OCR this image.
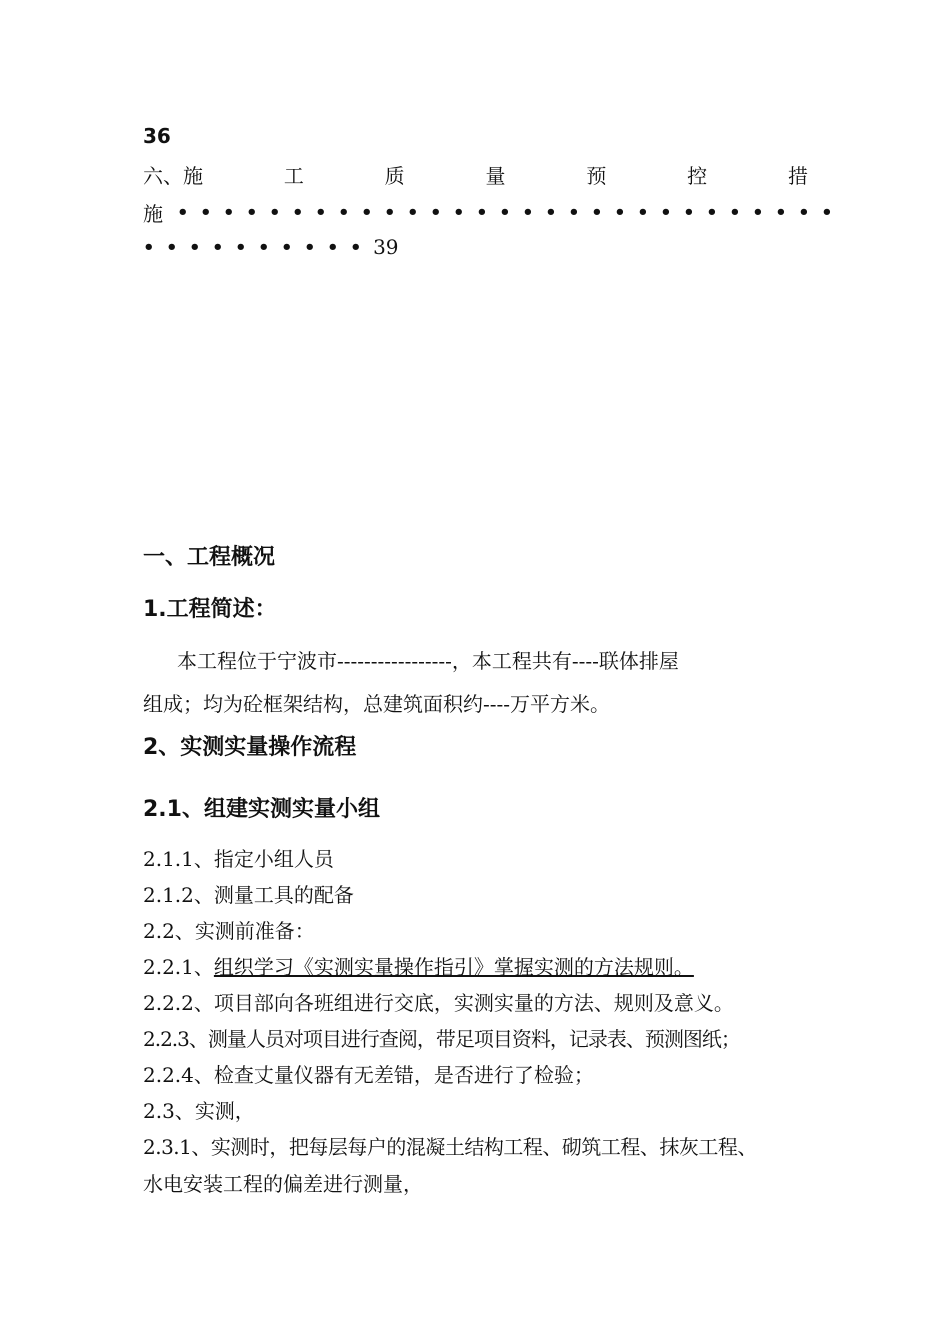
36
六、施	工	质	量	预	控	措
施 •••••••••••••••••••••••••••••
•••••••••• 39
一、工程概况
1.工程简述：
本工程位于宁波市-----------------，本工程共有----联体排屋
组成；均为砼框架结构，总建筑面积约----万平方米。
2、实测实量操作流程
2.1、组建实测实量小组
2.1.1、指定小组人员
2.1.2、测量工具的配备
2.2、实测前准备：
2.2.1、组织学习《实测实量操作指引》掌握实测的方法规则。
2.2.2、项目部向各班组进行交底，实测实量的方法、规则及意义。
2.2.3、测量人员对项目进行查阅，带足项目资料，记录表、预测图纸；
2.2.4、检查丈量仪器有无差错，是否进行了检验；
2.3、实测，
2.3.1、实测时，把每层每户的混凝土结构工程、砌筑工程、抹灰工程、
水电安装工程的偏差进行测量，
